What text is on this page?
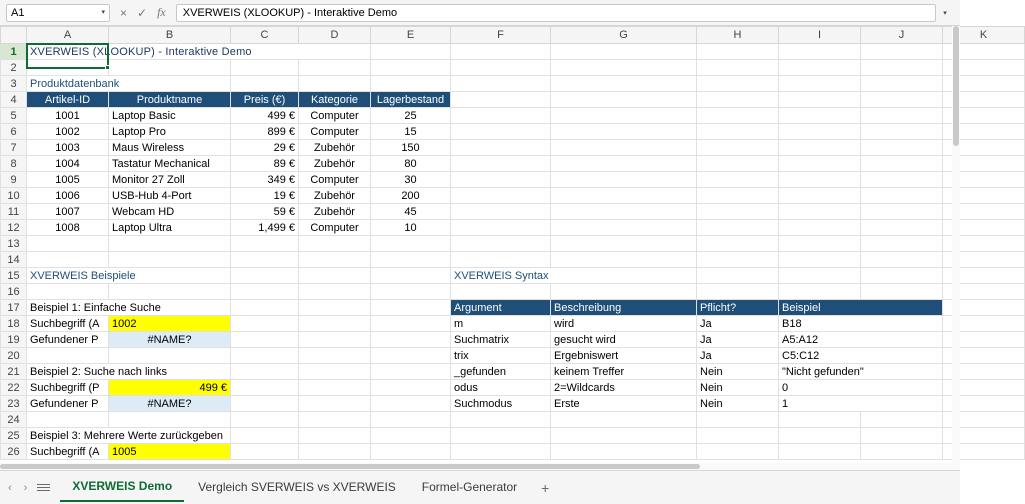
A1	▾ × ✓ fx XVERWEIS (XLOOKUP) - Interaktive Demo	▾
	A	B	C	D	E	F	G	H	I	J	K
1	XVERWEIS (XLOOKUP) - Interaktive Demo										
2											
3	Produktdatenbank										
4	Artikel-ID	Produktname	Preis (€)	Kategorie	Lagerbestand						
5	1001	Laptop Basic	499 €	Computer	25						
6	1002	Laptop Pro	899 €	Computer	15						
7	1003	Maus Wireless	29 €	Zubehör	150						
8	1004	Tastatur Mechanical	89 €	Zubehör	80						
9	1005	Monitor 27 Zoll	349 €	Computer	30						
10	1006	USB-Hub 4-Port	19 €	Zubehör	200						
11	1007	Webcam HD	59 €	Zubehör	45						
12	1008	Laptop Ultra	1,499 €	Computer	10						
13											
14											
15	XVERWEIS Beispiele					XVERWEIS Syntax					
16											
17	Beispiel 1: Einfache Suche					Argument	Beschreibung	Pflicht?	Beispiel		
18	Suchbegriff (A	1002				m	wird	Ja	B18		
19	Gefundener P	#NAME?				Suchmatrix	gesucht wird	Ja	A5:A12		
20						trix	Ergebniswert	Ja	C5:C12		
21	Beispiel 2: Suche nach links					_gefunden	keinem Treffer	Nein	"Nicht gefunden"		
22	Suchbegriff (P	499 €				odus	2=Wildcards	Nein	0		
23	Gefundener P	#NAME?				Suchmodus	Erste	Nein	1		
24											
25	Beispiel 3: Mehrere Werte zurückgeben										
26	Suchbegriff (A	1005									
‹ ›	XVERWEIS Demo	Vergleich SVERWEIS vs XVERWEIS	Formel-Generator	+
